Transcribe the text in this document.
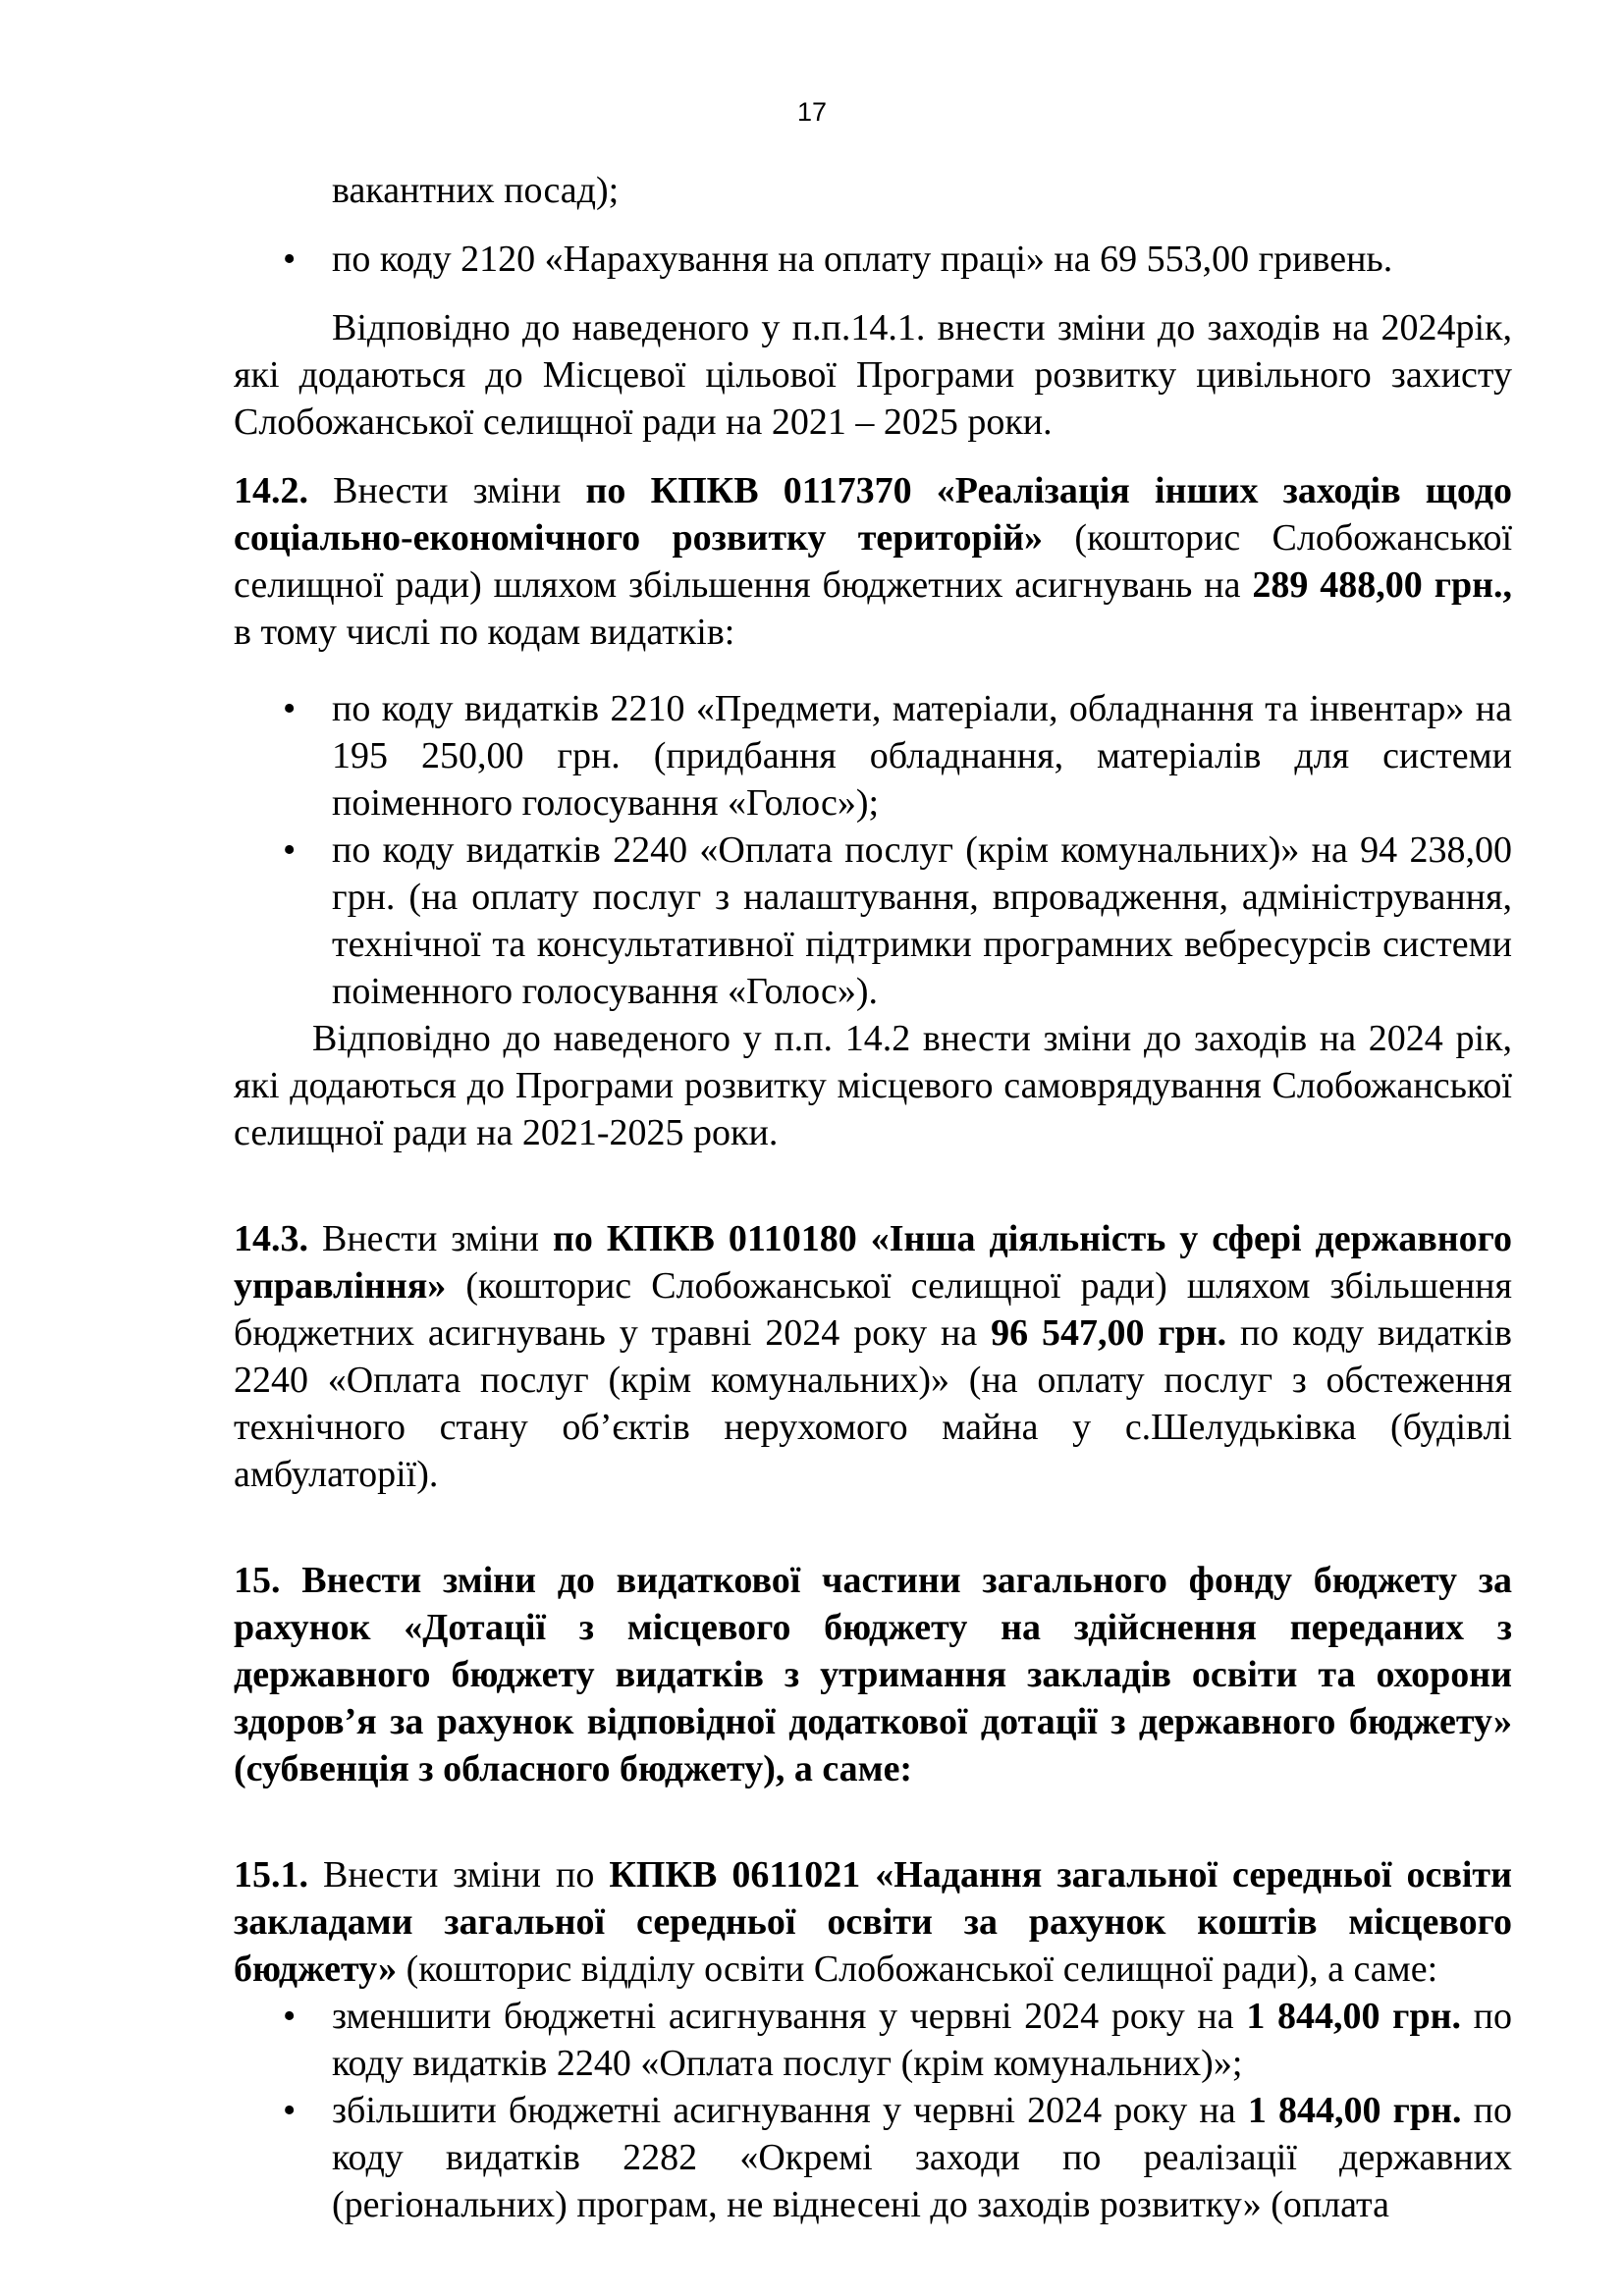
17

вакантних посад);

• по коду 2120 «Нарахування на оплату праці» на 69 553,00 гривень.

Відповідно до наведеного у п.п.14.1. внести зміни до заходів на 2024рік, які додаються до Місцевої цільової Програми розвитку цивільного захисту Слобожанської селищної ради на 2021 – 2025 роки.

14.2. Внести зміни по КПКВ 0117370 «Реалізація інших заходів щодо соціально-економічного розвитку територій» (кошторис Слобожанської селищної ради) шляхом збільшення бюджетних асигнувань на 289 488,00 грн., в тому числі по кодам видатків:

• по коду видатків 2210 «Предмети, матеріали, обладнання та інвентар» на 195 250,00 грн. (придбання обладнання, матеріалів для системи поіменного голосування «Голос»);
• по коду видатків 2240 «Оплата послуг (крім комунальних)» на 94 238,00 грн. (на оплату послуг з налаштування, впровадження, адміністрування, технічної та консультативної підтримки програмних вебресурсів системи поіменного голосування «Голос»).

Відповідно до наведеного у п.п. 14.2 внести зміни до заходів на 2024 рік, які додаються до Програми розвитку місцевого самоврядування Слобожанської селищної ради на 2021-2025 роки.

14.3. Внести зміни по КПКВ 0110180 «Інша діяльність у сфері державного управління» (кошторис Слобожанської селищної ради) шляхом збільшення бюджетних асигнувань у травні 2024 року на 96 547,00 грн. по коду видатків 2240 «Оплата послуг (крім комунальних)» (на оплату послуг з обстеження технічного стану об’єктів нерухомого майна у с.Шелудьківка (будівлі амбулаторії).

15. Внести зміни до видаткової частини загального фонду бюджету за рахунок «Дотації з місцевого бюджету на здійснення переданих з державного бюджету видатків з утримання закладів освіти та охорони здоров’я за рахунок відповідної додаткової дотації з державного бюджету» (субвенція з обласного бюджету), а саме:

15.1. Внести зміни по КПКВ 0611021 «Надання загальної середньої освіти закладами загальної середньої освіти за рахунок коштів місцевого бюджету» (кошторис відділу освіти Слобожанської селищної ради), а саме:

• зменшити бюджетні асигнування у червні 2024 року на 1 844,00 грн. по коду видатків 2240 «Оплата послуг (крім комунальних)»;
• збільшити бюджетні асигнування у червні 2024 року на 1 844,00 грн. по коду видатків 2282 «Окремі заходи по реалізації державних (регіональних) програм, не віднесені до заходів розвитку» (оплата
